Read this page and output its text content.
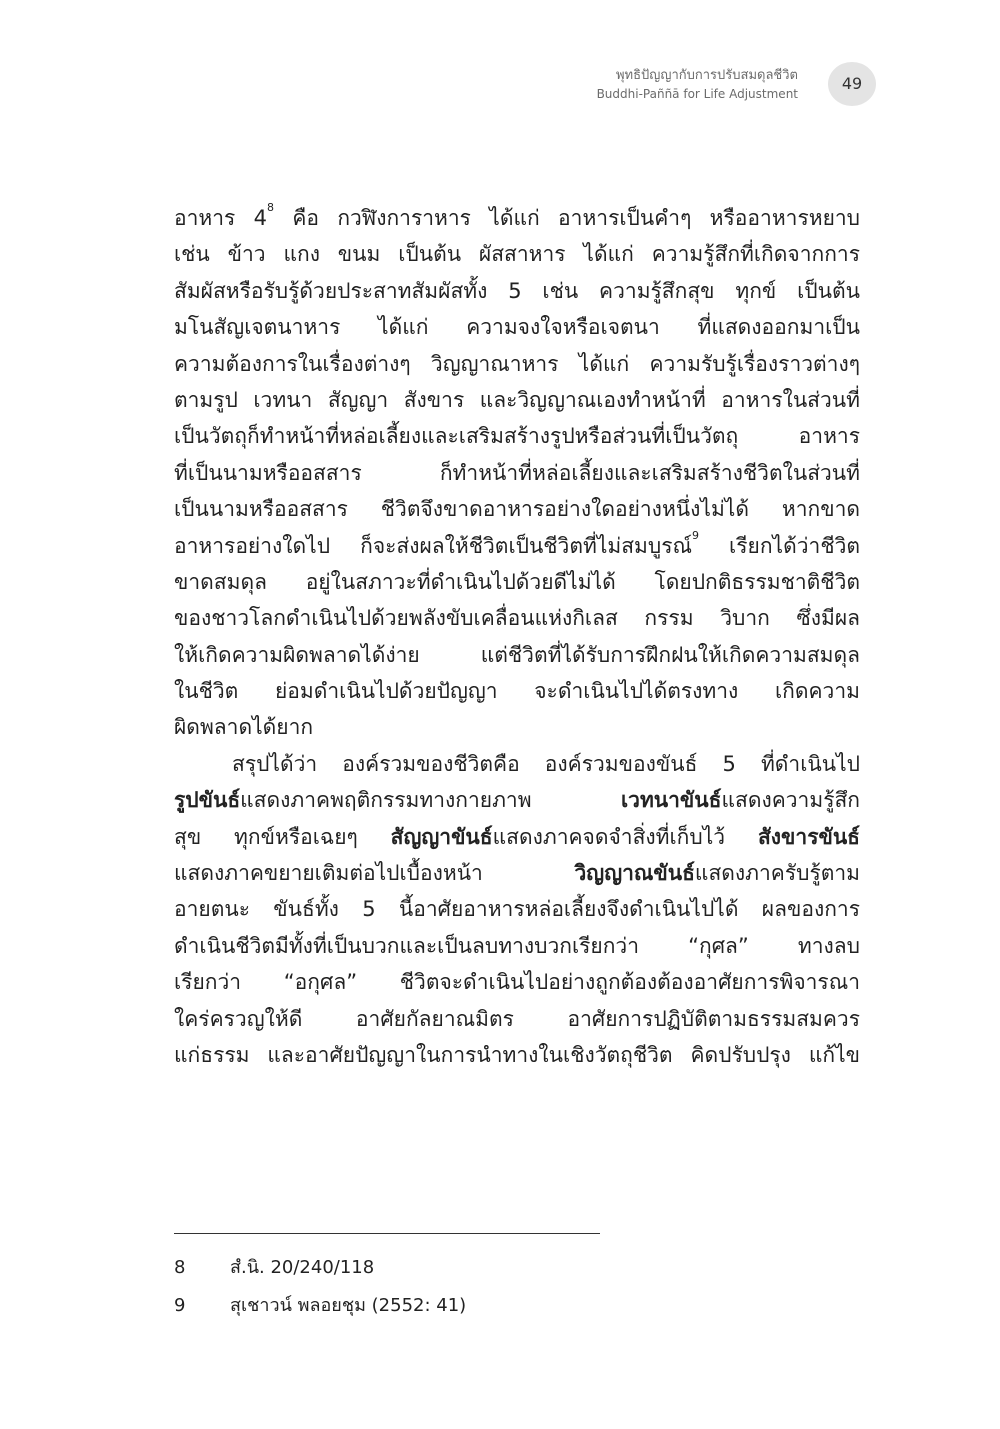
พุทธิปัญญากับการปรับสมดุลชีวิต
Buddhi-Paññā for Life Adjustment
49
อาหาร $4^8$ คือ กวฬิงการาหาร ได้แก่ อาหารเป็นคำๆ หรืออาหารหยาบ
เช่น ข้าว แกง ขนม เป็นต้น ผัสสาหาร ได้แก่ ความรู้สึกที่เกิดจากการ
สัมผัสหรือรับรู้ด้วยประสาทสัมผัสทั้ง 5 เช่น ความรู้สึกสุข ทุกข์ เป็นต้น
มโนสัญเจตนาหาร ได้แก่ ความจงใจหรือเจตนา ที่แสดงออกมาเป็น
ความต้องการในเรื่องต่างๆ วิญญาณาหาร ได้แก่ ความรับรู้เรื่องราวต่างๆ
ตามรูป เวทนา สัญญา สังขาร และวิญญาณเองทำหน้าที่ อาหารในส่วนที่
เป็นวัตถุก็ทำหน้าที่หล่อเลี้ยงและเสริมสร้างรูปหรือส่วนที่เป็นวัตถุ อาหาร
ที่เป็นนามหรืออสสาร ก็ทำหน้าที่หล่อเลี้ยงและเสริมสร้างชีวิตในส่วนที่
เป็นนามหรืออสสาร ชีวิตจึงขาดอาหารอย่างใดอย่างหนึ่งไม่ได้ หากขาด
อาหารอย่างใดไป ก็จะส่งผลให้ชีวิตเป็นชีวิตที่ไม่สมบูรณ์$^9$ เรียกได้ว่าชีวิต
ขาดสมดุล อยู่ในสภาวะที่ดำเนินไปด้วยดีไม่ได้ โดยปกติธรรมชาติชีวิต
ของชาวโลกดำเนินไปด้วยพลังขับเคลื่อนแห่งกิเลส กรรม วิบาก ซึ่งมีผล
ให้เกิดความผิดพลาดได้ง่าย แต่ชีวิตที่ได้รับการฝึกฝนให้เกิดความสมดุล
ในชีวิต ย่อมดำเนินไปด้วยปัญญา จะดำเนินไปได้ตรงทาง เกิดความ
ผิดพลาดได้ยาก
สรุปได้ว่า องค์รวมของชีวิตคือ องค์รวมของขันธ์ 5 ที่ดำเนินไป
รูปขันธ์แสดงภาคพฤติกรรมทางกายภาพ	เวทนาขันธ์แสดงความรู้สึก
สุข ทุกข์หรือเฉยๆ สัญญาขันธ์แสดงภาคจดจำสิ่งที่เก็บไว้ สังขารขันธ์
แสดงภาคขยายเติมต่อไปเบื้องหน้า	วิญญาณขันธ์แสดงภาครับรู้ตาม
อายตนะ ขันธ์ทั้ง 5 นี้อาศัยอาหารหล่อเลี้ยงจึงดำเนินไปได้ ผลของการ
ดำเนินชีวิตมีทั้งที่เป็นบวกและเป็นลบทางบวกเรียกว่า “กุศล” ทางลบ
เรียกว่า “อกุศล” ชีวิตจะดำเนินไปอย่างถูกต้องต้องอาศัยการพิจารณา
ใคร่ครวญให้ดี อาศัยกัลยาณมิตร อาศัยการปฏิบัติตามธรรมสมควร
แก่ธรรม และอาศัยปัญญาในการนำทางในเชิงวัตถุชีวิต คิดปรับปรุง แก้ไข
8 สํ.นิ. 20/240/118
9 สุเชาวน์ พลอยชุม (2552: 41)
